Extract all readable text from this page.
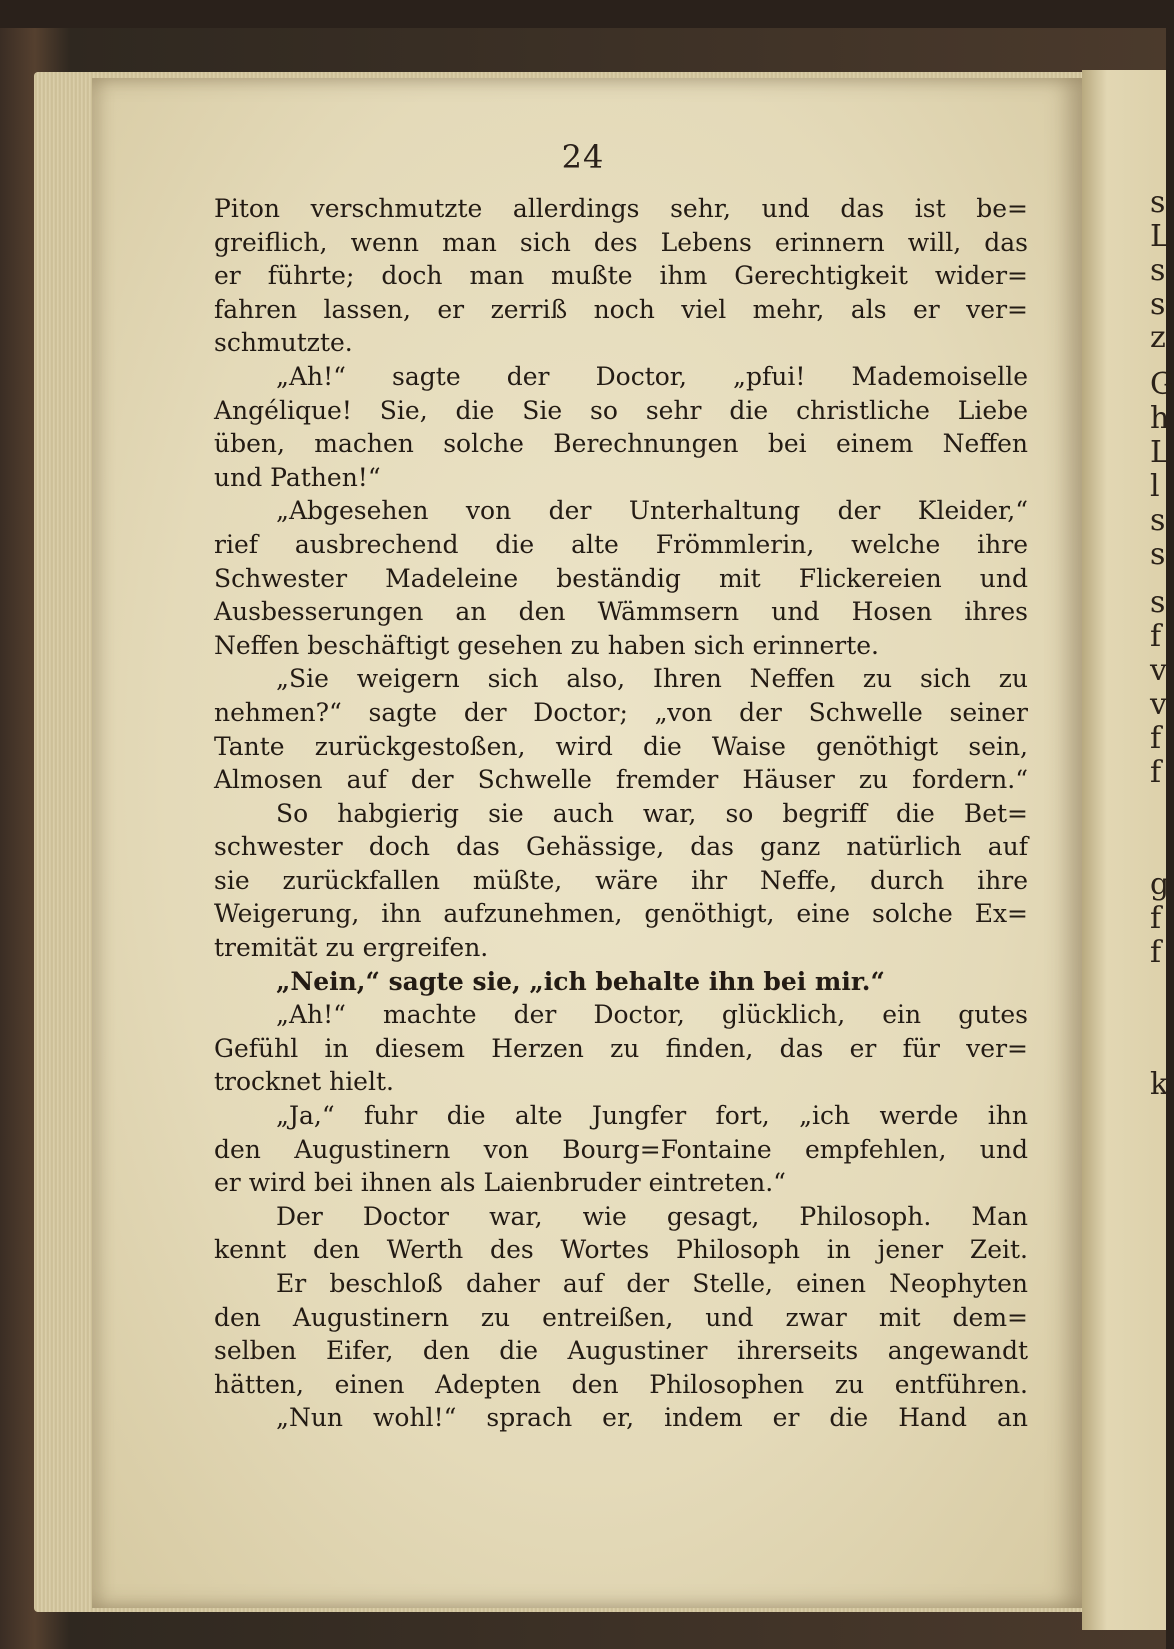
s
L
s
s
z
G
h
L
l
s
s
s
f
v
v
f
f
g
f
f
k
24
Piton verschmutzte allerdings sehr, und das ist be=
greiflich, wenn man sich des Lebens erinnern will, das
er führte; doch man mußte ihm Gerechtigkeit wider=
fahren lassen, er zerriß noch viel mehr, als er ver=
schmutzte.
„Ah!“ sagte der Doctor, „pfui! Mademoiselle
Angélique! Sie, die Sie so sehr die christliche Liebe
üben, machen solche Berechnungen bei einem Neffen
und Pathen!“
„Abgesehen von der Unterhaltung der Kleider,“
rief ausbrechend die alte Frömmlerin, welche ihre
Schwester Madeleine beständig mit Flickereien und
Ausbesserungen an den Wämmsern und Hosen ihres
Neffen beschäftigt gesehen zu haben sich erinnerte.
„Sie weigern sich also, Ihren Neffen zu sich zu
nehmen?“ sagte der Doctor; „von der Schwelle seiner
Tante zurückgestoßen, wird die Waise genöthigt sein,
Almosen auf der Schwelle fremder Häuser zu fordern.“
So habgierig sie auch war, so begriff die Bet=
schwester doch das Gehässige, das ganz natürlich auf
sie zurückfallen müßte, wäre ihr Neffe, durch ihre
Weigerung, ihn aufzunehmen, genöthigt, eine solche Ex=
tremität zu ergreifen.
„Nein,“ sagte sie, „ich behalte ihn bei mir.“
„Ah!“ machte der Doctor, glücklich, ein gutes
Gefühl in diesem Herzen zu finden, das er für ver=
trocknet hielt.
„Ja,“ fuhr die alte Jungfer fort, „ich werde ihn
den Augustinern von Bourg=Fontaine empfehlen, und
er wird bei ihnen als Laienbruder eintreten.“
Der Doctor war, wie gesagt, Philosoph. Man
kennt den Werth des Wortes Philosoph in jener Zeit.
Er beschloß daher auf der Stelle, einen Neophyten
den Augustinern zu entreißen, und zwar mit dem=
selben Eifer, den die Augustiner ihrerseits angewandt
hätten, einen Adepten den Philosophen zu entführen.
„Nun wohl!“ sprach er, indem er die Hand an
